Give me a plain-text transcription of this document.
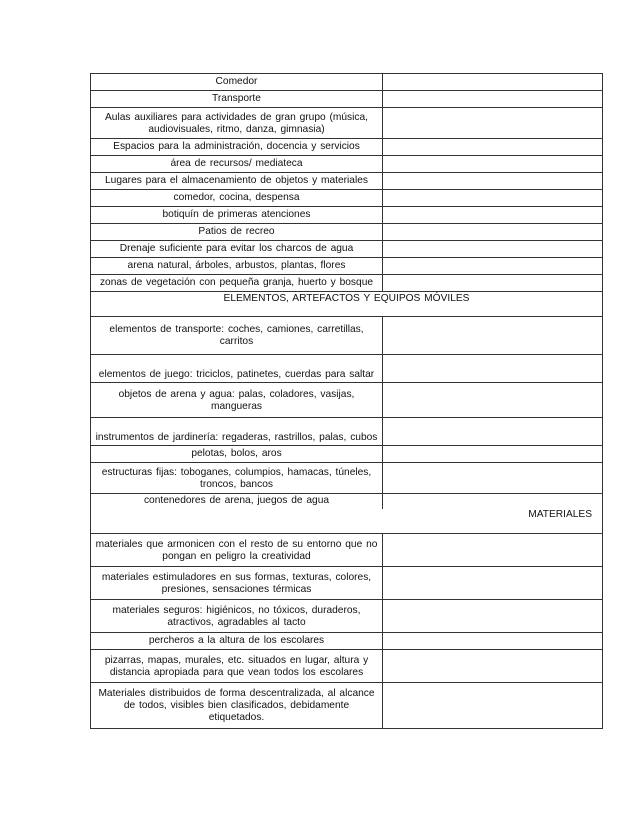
Comedor	
Transporte	
Aulas auxiliares para actividades de gran grupo (música, audiovisuales, ritmo, danza, gimnasia)	
Espacios para la administración, docencia y servicios	
área de recursos/ mediateca	
Lugares para el almacenamiento de objetos y materiales	
comedor, cocina, despensa	
botiquín de primeras atenciones	
Patios de recreo	
Drenaje suficiente para evitar los charcos de agua	
arena natural, árboles, arbustos, plantas, flores	
zonas de vegetación con pequeña granja, huerto y bosque	
ELEMENTOS, ARTEFACTOS Y EQUIPOS MÓVILES	
elementos de transporte: coches, camiones, carretillas, carritos	
elementos de juego: triciclos, patinetes, cuerdas para saltar	
objetos de arena y agua: palas, coladores, vasijas, mangueras	
instrumentos de jardinería: regaderas, rastrillos, palas, cubos	
pelotas, bolos, aros	
estructuras fijas: toboganes, columpios, hamacas, túneles, troncos, bancos	
contenedores de arena, juegos de agua	
MATERIALES	
materiales que armonicen con el resto de su entorno que no pongan en peligro la creatividad	
materiales estimuladores en sus formas, texturas, colores, presiones, sensaciones térmicas	
materiales seguros: higiénicos, no tóxicos, duraderos, atractivos, agradables al tacto	
percheros a la altura de los escolares	
pizarras, mapas, murales, etc. situados en lugar, altura y distancia apropiada para que vean todos los escolares	
Materiales distribuidos de forma descentralizada, al alcance de todos, visibles bien clasificados, debidamente etiquetados.	
